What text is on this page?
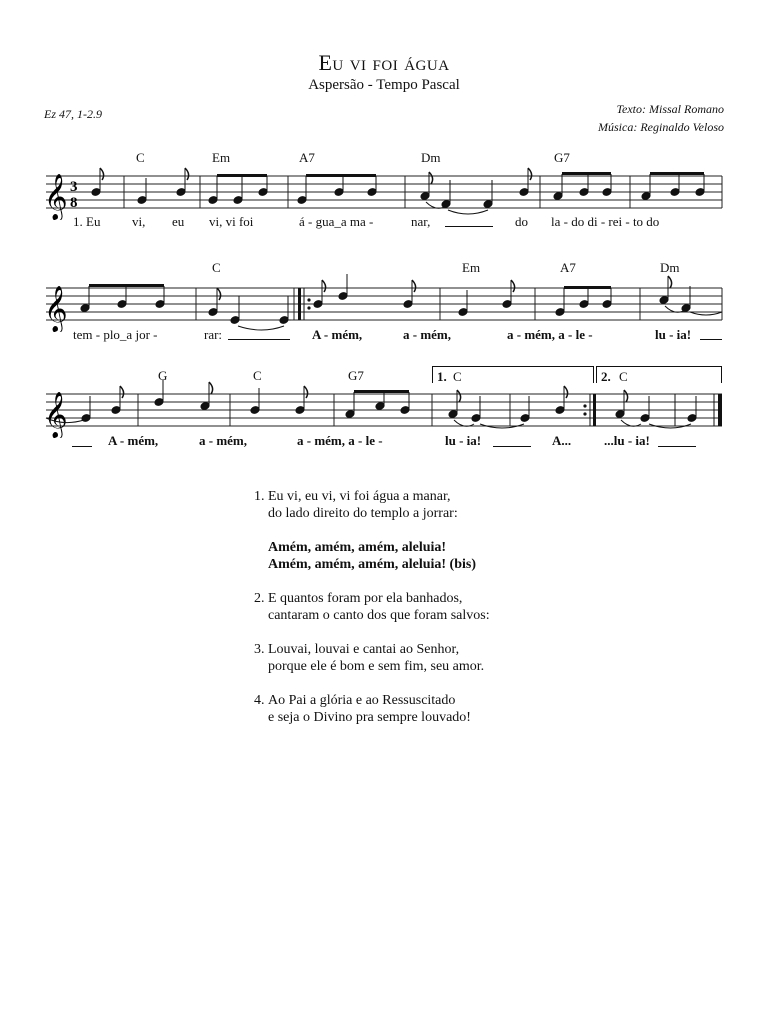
Eu vi foi água
Aspersão - Tempo Pascal
Ez 47, 1-2.9	Texto: Missal Romano
Música: Reginaldo Veloso
C	Em	A7	Dm	G7
𝄞 3
8
1. Eu vi, eu vi, vi foi	á - gua_a ma -	nar,	do la - do di - rei - to do
C	Em	A7	Dm
𝄞
tem - plo_a jor -	rar:	A - mém,	a - mém,	a - mém, a - le -	lu - ia!
G	C	G7	1. C	2. C
𝄞
A - mém,	a - mém,	a - mém, a - le -	lu - ia!	A...	...lu - ia!
1. Eu vi, eu vi, vi foi água a manar,
do lado direito do templo a jorrar:
Amém, amém, amém, aleluia!
Amém, amém, amém, aleluia! (bis)
2. E quantos foram por ela banhados,
cantaram o canto dos que foram salvos:
3. Louvai, louvai e cantai ao Senhor,
porque ele é bom e sem fim, seu amor.
4. Ao Pai a glória e ao Ressuscitado
e seja o Divino pra sempre louvado!
